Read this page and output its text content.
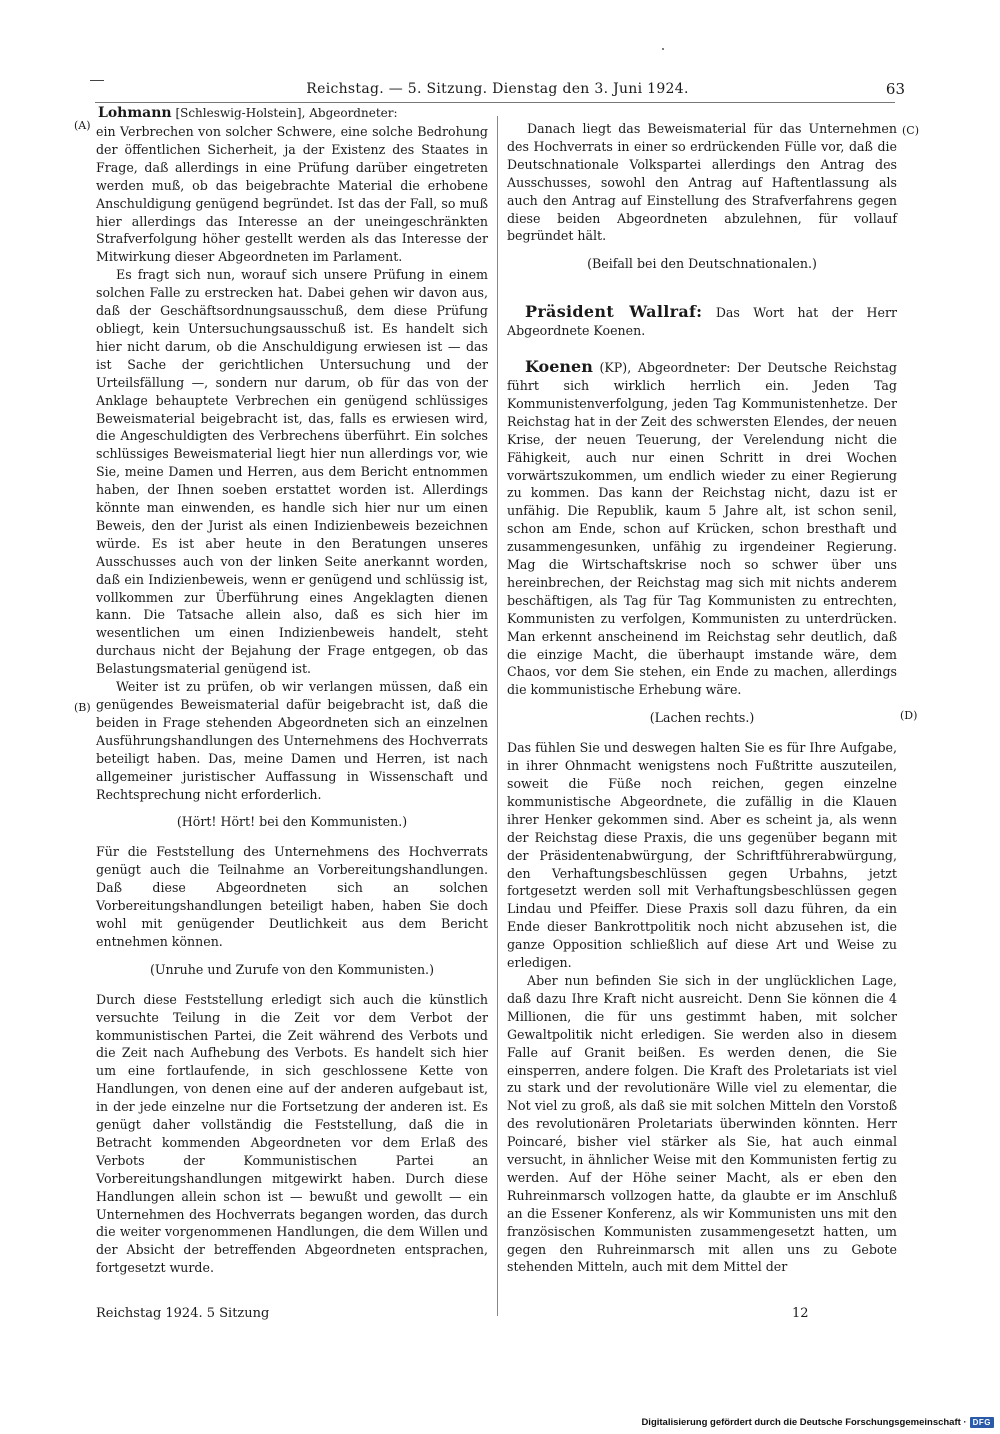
Reichstag. — 5. Sitzung. Dienstag den 3. Juni 1924.	63
(A)
(B)
(C)
(D)
Lohmann [Schleswig-Holstein], Abgeordneter:

ein Verbrechen von solcher Schwere, eine solche Bedrohung der öffentlichen Sicherheit, ja der Existenz des Staates in Frage, daß allerdings in eine Prüfung darüber eingetreten werden muß, ob das beigebrachte Material die erhobene Anschuldigung genügend begründet. Ist das der Fall, so muß hier allerdings das Interesse an der uneingeschränkten Strafverfolgung höher gestellt werden als das Interesse der Mitwirkung dieser Abgeordneten im Parlament.

Es fragt sich nun, worauf sich unsere Prüfung in einem solchen Falle zu erstrecken hat. Dabei gehen wir davon aus, daß der Geschäftsordnungsausschuß, dem diese Prüfung obliegt, kein Untersuchungsausschuß ist. Es handelt sich hier nicht darum, ob die Anschuldigung erwiesen ist — das ist Sache der gerichtlichen Untersuchung und der Urteilsfällung —, sondern nur darum, ob für das von der Anklage behauptete Verbrechen ein genügend schlüssiges Beweismaterial beigebracht ist, das, falls es erwiesen wird, die Angeschuldigten des Verbrechens überführt. Ein solches schlüssiges Beweismaterial liegt hier nun allerdings vor, wie Sie, meine Damen und Herren, aus dem Bericht entnommen haben, der Ihnen soeben erstattet worden ist. Allerdings könnte man einwenden, es handle sich hier nur um einen Beweis, den der Jurist als einen Indizienbeweis bezeichnen würde. Es ist aber heute in den Beratungen unseres Ausschusses auch von der linken Seite anerkannt worden, daß ein Indizienbeweis, wenn er genügend und schlüssig ist, vollkommen zur Überführung eines Angeklagten dienen kann. Die Tatsache allein also, daß es sich hier im wesentlichen um einen Indizienbeweis handelt, steht durchaus nicht der Bejahung der Frage entgegen, ob das Belastungsmaterial genügend ist.

Weiter ist zu prüfen, ob wir verlangen müssen, daß ein genügendes Beweismaterial dafür beigebracht ist, daß die beiden in Frage stehenden Abgeordneten sich an einzelnen Ausführungshandlungen des Unternehmens des Hochverrats beteiligt haben. Das, meine Damen und Herren, ist nach allgemeiner juristischer Auffassung in Wissenschaft und Rechtsprechung nicht erforderlich.

(Hört! Hört! bei den Kommunisten.)

Für die Feststellung des Unternehmens des Hochverrats genügt auch die Teilnahme an Vorbereitungshandlungen. Daß diese Abgeordneten sich an solchen Vorbereitungshandlungen beteiligt haben, haben Sie doch wohl mit genügender Deutlichkeit aus dem Bericht entnehmen können.

(Unruhe und Zurufe von den Kommunisten.)

Durch diese Feststellung erledigt sich auch die künstlich versuchte Teilung in die Zeit vor dem Verbot der kommunistischen Partei, die Zeit während des Verbots und die Zeit nach Aufhebung des Verbots. Es handelt sich hier um eine fortlaufende, in sich geschlossene Kette von Handlungen, von denen eine auf der anderen aufgebaut ist, in der jede einzelne nur die Fortsetzung der anderen ist. Es genügt daher vollständig die Feststellung, daß die in Betracht kommenden Abgeordneten vor dem Erlaß des Verbots der Kommunistischen Partei an Vorbereitungshandlungen mitgewirkt haben. Durch diese Handlungen allein schon ist — bewußt und gewollt — ein Unternehmen des Hochverrats begangen worden, das durch die weiter vorgenommenen Handlungen, die dem Willen und der Absicht der betreffenden Abgeordneten entsprachen, fortgesetzt wurde.

Danach liegt das Beweismaterial für das Unternehmen des Hochverrats in einer so erdrückenden Fülle vor, daß die Deutschnationale Volkspartei allerdings den Antrag des Ausschusses, sowohl den Antrag auf Haftentlassung als auch den Antrag auf Einstellung des Strafverfahrens gegen diese beiden Abgeordneten abzulehnen, für vollauf begründet hält.

(Beifall bei den Deutschnationalen.)

Präsident Wallraf: Das Wort hat der Herr Abgeordnete Koenen.

Koenen (KP), Abgeordneter: Der Deutsche Reichstag führt sich wirklich herrlich ein. Jeden Tag Kommunistenverfolgung, jeden Tag Kommunistenhetze. Der Reichstag hat in der Zeit des schwersten Elendes, der neuen Krise, der neuen Teuerung, der Verelendung nicht die Fähigkeit, auch nur einen Schritt in drei Wochen vorwärtszukommen, um endlich wieder zu einer Regierung zu kommen. Das kann der Reichstag nicht, dazu ist er unfähig. Die Republik, kaum 5 Jahre alt, ist schon senil, schon am Ende, schon auf Krücken, schon bresthaft und zusammengesunken, unfähig zu irgendeiner Regierung. Mag die Wirtschaftskrise noch so schwer über uns hereinbrechen, der Reichstag mag sich mit nichts anderem beschäftigen, als Tag für Tag Kommunisten zu entrechten, Kommunisten zu verfolgen, Kommunisten zu unterdrücken. Man erkennt anscheinend im Reichstag sehr deutlich, daß die einzige Macht, die überhaupt imstande wäre, dem Chaos, vor dem Sie stehen, ein Ende zu machen, allerdings die kommunistische Erhebung wäre.

(Lachen rechts.)

Das fühlen Sie und deswegen halten Sie es für Ihre Aufgabe, in ihrer Ohnmacht wenigstens noch Fußtritte auszuteilen, soweit die Füße noch reichen, gegen einzelne kommunistische Abgeordnete, die zufällig in die Klauen ihrer Henker gekommen sind. Aber es scheint ja, als wenn der Reichstag diese Praxis, die uns gegenüber begann mit der Präsidentenabwürgung, der Schriftführerabwürgung, den Verhaftungsbeschlüssen gegen Urbahns, jetzt fortgesetzt werden soll mit Verhaftungsbeschlüssen gegen Lindau und Pfeiffer. Diese Praxis soll dazu führen, da ein Ende dieser Bankrottpolitik noch nicht abzusehen ist, die ganze Opposition schließlich auf diese Art und Weise zu erledigen.

Aber nun befinden Sie sich in der unglücklichen Lage, daß dazu Ihre Kraft nicht ausreicht. Denn Sie können die 4 Millionen, die für uns gestimmt haben, mit solcher Gewaltpolitik nicht erledigen. Sie werden also in diesem Falle auf Granit beißen. Es werden denen, die Sie einsperren, andere folgen. Die Kraft des Proletariats ist viel zu stark und der revolutionäre Wille viel zu elementar, die Not viel zu groß, als daß sie mit solchen Mitteln den Vorstoß des revolutionären Proletariats überwinden könnten. Herr Poincaré, bisher viel stärker als Sie, hat auch einmal versucht, in ähnlicher Weise mit den Kommunisten fertig zu werden. Auf der Höhe seiner Macht, als er eben den Ruhreinmarsch vollzogen hatte, da glaubte er im Anschluß an die Essener Konferenz, als wir Kommunisten uns mit den französischen Kommunisten zusammengesetzt hatten, um gegen den Ruhreinmarsch mit allen uns zu Gebote stehenden Mitteln, auch mit dem Mittel der

Reichstag 1924. 5 Sitzung	12
Digitalisierung gefördert durch die Deutsche Forschungsgemeinschaft · DFG
